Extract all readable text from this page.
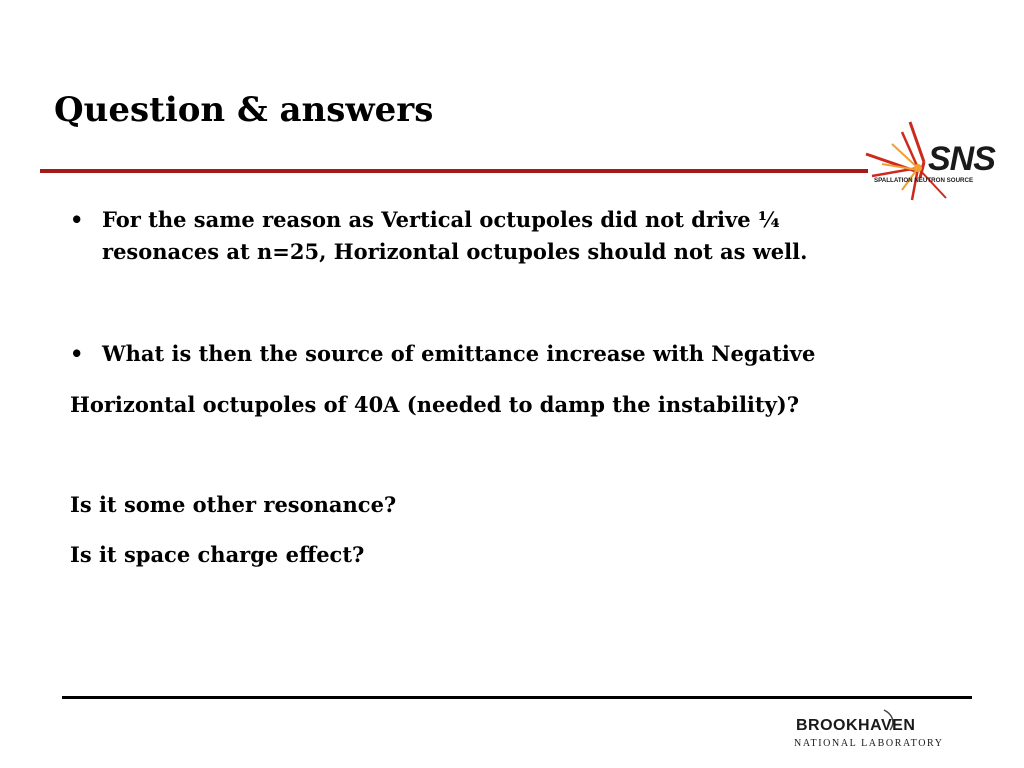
Question & answers
SNS
SPALLATION NEUTRON SOURCE
• For the same reason as Vertical octupoles did not drive ¼
resonaces at n=25, Horizontal octupoles should not as well.
• What is then the source of emittance increase with Negative
Horizontal octupoles of 40A (needed to damp the instability)?
Is it some other resonance?
Is it space charge effect?
BROOKHAVEN
NATIONAL LABORATORY
